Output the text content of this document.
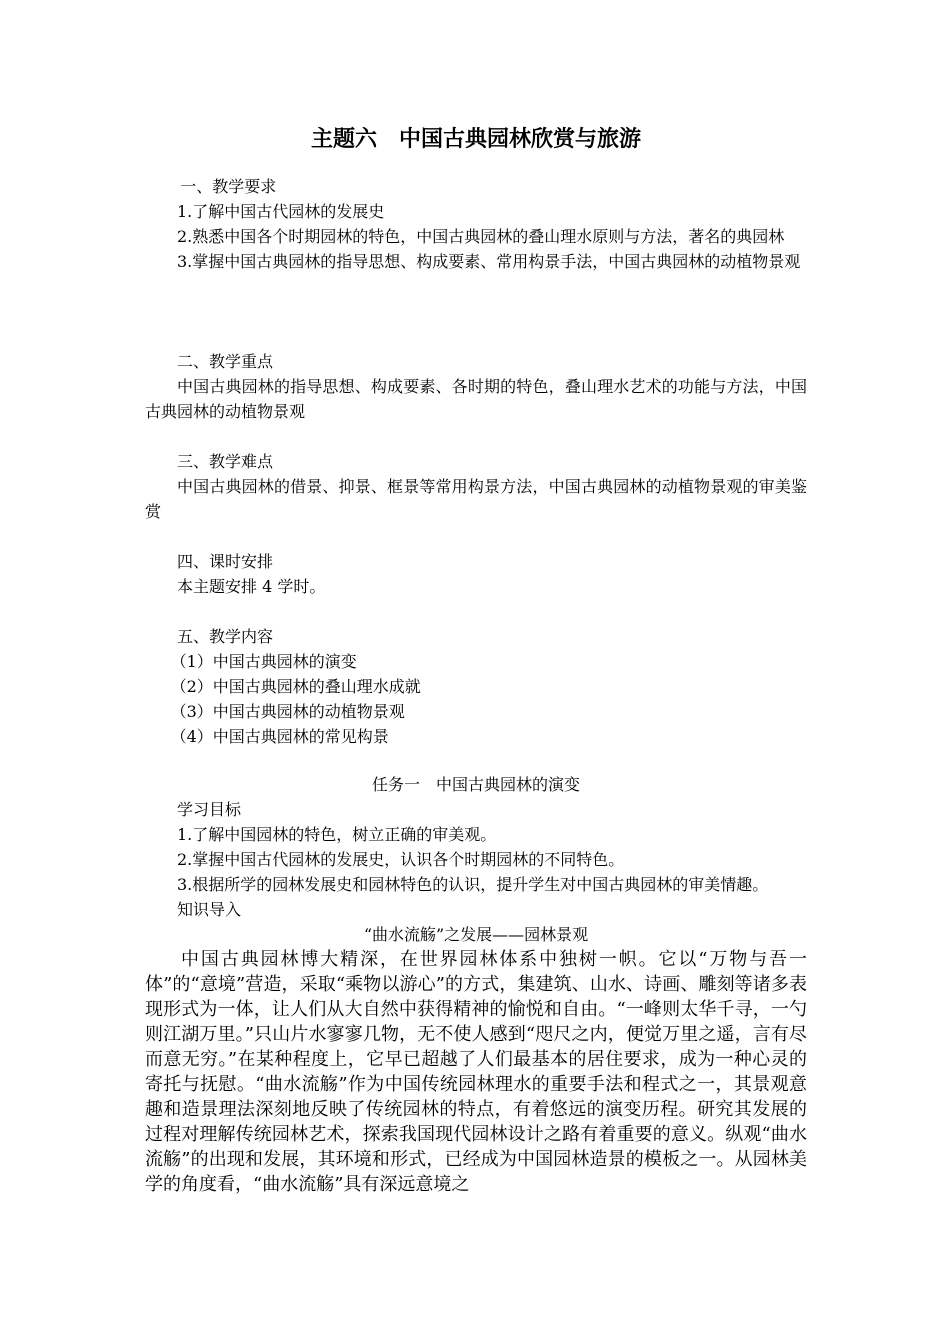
主题六　中国古典园林欣赏与旅游

一、教学要求

1.了解中国古代园林的发展史

2.熟悉中国各个时期园林的特色，中国古典园林的叠山理水原则与方法，著名的典园林

3.掌握中国古典园林的指导思想、构成要素、常用构景手法，中国古典园林的动植物景观

二、教学重点

中国古典园林的指导思想、构成要素、各时期的特色，叠山理水艺术的功能与方法，中国古典园林的动植物景观

三、教学难点

中国古典园林的借景、抑景、框景等常用构景方法，中国古典园林的动植物景观的审美鉴赏

四、课时安排

本主题安排 4 学时。

五、教学内容

（1）中国古典园林的演变

（2）中国古典园林的叠山理水成就

（3）中国古典园林的动植物景观

（4）中国古典园林的常见构景

任务一　中国古典园林的演变

学习目标

1.了解中国园林的特色，树立正确的审美观。

2.掌握中国古代园林的发展史，认识各个时期园林的不同特色。

3.根据所学的园林发展史和园林特色的认识，提升学生对中国古典园林的审美情趣。

知识导入

“曲水流觞”之发展——园林景观

中国古典园林博大精深，在世界园林体系中独树一帜。它以“万物与吾一体”的“意境”营造，采取“乘物以游心”的方式，集建筑、山水、诗画、雕刻等诸多表现形式为一体，让人们从大自然中获得精神的愉悦和自由。“一峰则太华千寻，一勺则江湖万里。”只山片水寥寥几物，无不使人感到“咫尺之内，便觉万里之遥，言有尽而意无穷。”在某种程度上，它早已超越了人们最基本的居住要求，成为一种心灵的寄托与抚慰。“曲水流觞”作为中国传统园林理水的重要手法和程式之一，其景观意趣和造景理法深刻地反映了传统园林的特点，有着悠远的演变历程。研究其发展的过程对理解传统园林艺术，探索我国现代园林设计之路有着重要的意义。纵观“曲水流觞”的出现和发展，其环境和形式，已经成为中国园林造景的模板之一。从园林美学的角度看，“曲水流觞”具有深远意境之
